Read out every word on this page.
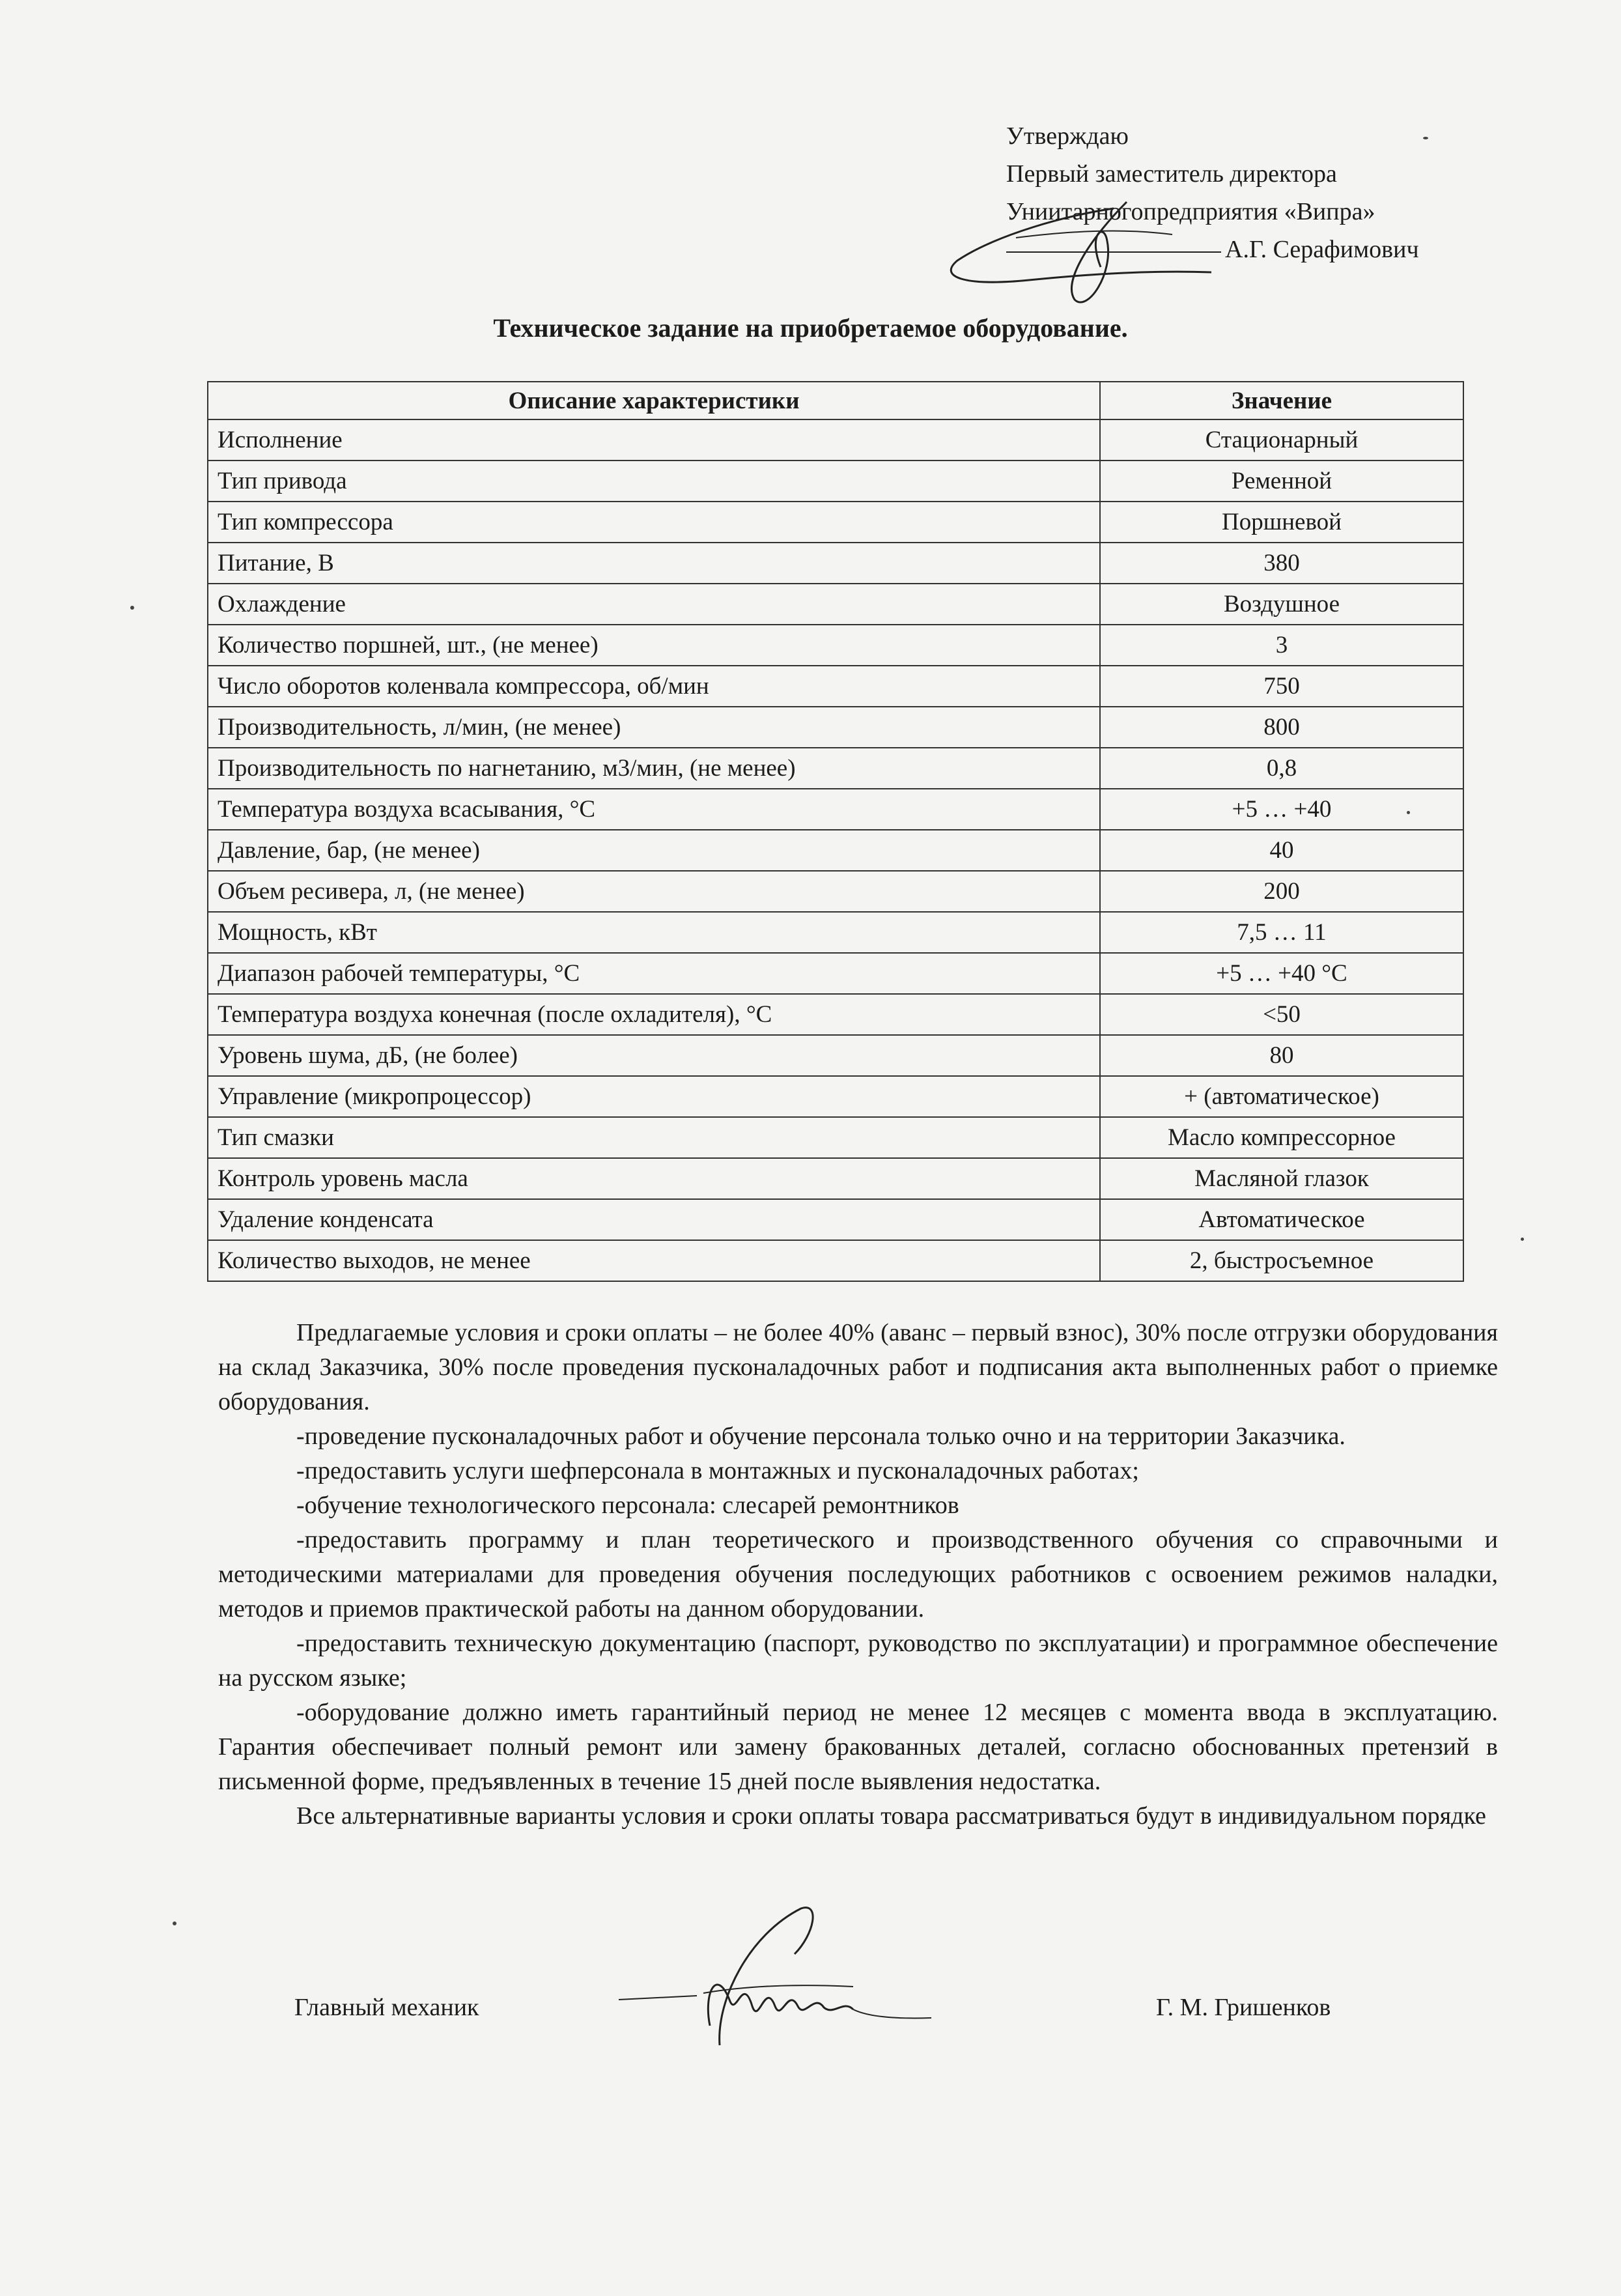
Утверждаю
Первый заместитель директора
Униитарногопредприятия «Випра»
А.Г. Серафимович
Техническое задание на приобретаемое оборудование.
Описание характеристики	Значение
Исполнение	Стационарный
Тип привода	Ременной
Тип компрессора	Поршневой
Питание, В	380
Охлаждение	Воздушное
Количество поршней, шт., (не менее)	3
Число оборотов коленвала компрессора, об/мин	750
Производительность, л/мин, (не менее)	800
Производительность по нагнетанию, м3/мин, (не менее)	0,8
Температура воздуха всасывания, °С	+5 … +40
Давление, бар, (не менее)	40
Объем ресивера, л, (не менее)	200
Мощность, кВт	7,5 … 11
Диапазон рабочей температуры, °С	+5 … +40 °С
Температура воздуха конечная (после охладителя), °С	<50
Уровень шума, дБ, (не более)	80
Управление (микропроцессор)	+ (автоматическое)
Тип смазки	Масло компрессорное
Контроль уровень масла	Масляной глазок
Удаление конденсата	Автоматическое
Количество выходов, не менее	2, быстросъемное

Предлагаемые условия и сроки оплаты – не более 40% (аванс – первый взнос), 30% после отгрузки оборудования на склад Заказчика, 30% после проведения пусконаладочных работ и подписания акта выполненных работ о приемке оборудования.

-проведение пусконаладочных работ и обучение персонала только очно и на территории Заказчика.

-предоставить услуги шефперсонала в монтажных и пусконаладочных работах;

-обучение технологического персонала: слесарей ремонтников

-предоставить программу и план теоретического и производственного обучения со справочными и методическими материалами для проведения обучения последующих работников с освоением режимов наладки, методов и приемов практической работы на данном оборудовании.

-предоставить техническую документацию (паспорт, руководство по эксплуатации) и программное обеспечение на русском языке;

-оборудование должно иметь гарантийный период не менее 12 месяцев с момента ввода в эксплуатацию. Гарантия обеспечивает полный ремонт или замену бракованных деталей, согласно обоснованных претензий в письменной форме, предъявленных в течение 15 дней после выявления недостатка.

Все альтернативные варианты условия и сроки оплаты товара рассматриваться будут в индивидуальном порядке

Главный механик	Г. М. Гришенков
